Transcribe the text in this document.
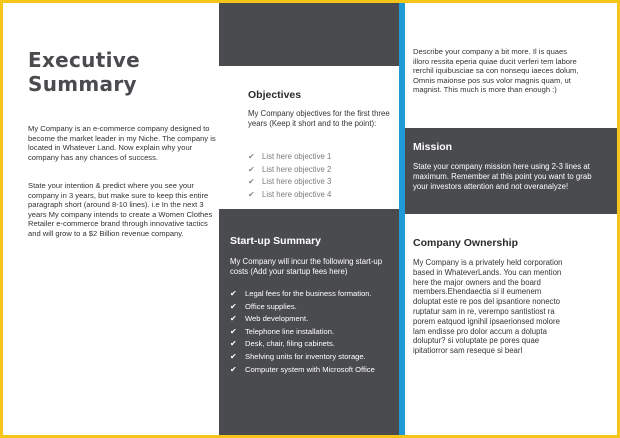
Executive
Summary
My Company is an e-commerce company designed to become the market leader in my Niche. The company is located in Whatever Land. Now explain why your company has any chances of success.
State your intention & predict where you see your company in 3 years, but make sure to keep this entire paragraph short (around 8-10 lines). i.e In the next 3 years My company intends to create a Women Clothes Retailer e-commerce brand through innovative tactics and will grow to a $2 Billion revenue company.
Objectives
My Company objectives for the first three years (Keep it short and to the point):
✔ List here objective 1
✔ List here objective 2
✔ List here objective 3
✔ List here objective 4
Start-up Summary
My Company will incur the following start-up costs (Add your startup fees here)
✔ Legal fees for the business formation.
✔ Office supplies.
✔ Web development.
✔ Telephone line installation.
✔ Desk, chair, filing cabinets.
✔ Shelving units for inventory storage.
✔ Computer system with Microsoft Office
Describe your company a bit more. Il is quaes illoro ressita eperia quiae ducit verferi tem labore rerchil iquibusciae sa con nonsequ iaeces dolum, Omnis maionse pos sus volor magnis quam, ut magnist. This much is more than enough :)
Mission
State your company mission here using 2-3 lines at maximum. Remember at this point you want to grab your investors attention and not overanalyze!
Company Ownership
My Company is a privately held corporation based in WhateverLands. You can mention here the major owners and the board members.Ehendaectia si il eumenem doluptat este re pos del ipsantiore nonecto ruptatur sam in re, verempo santistiost ra porem eatquod ignihil ipsaerionsed molore lam endisse pro dolor accum a dolupta doluptur? si voluptate pe pores quae ipitatiorror sam reseque si bearl
